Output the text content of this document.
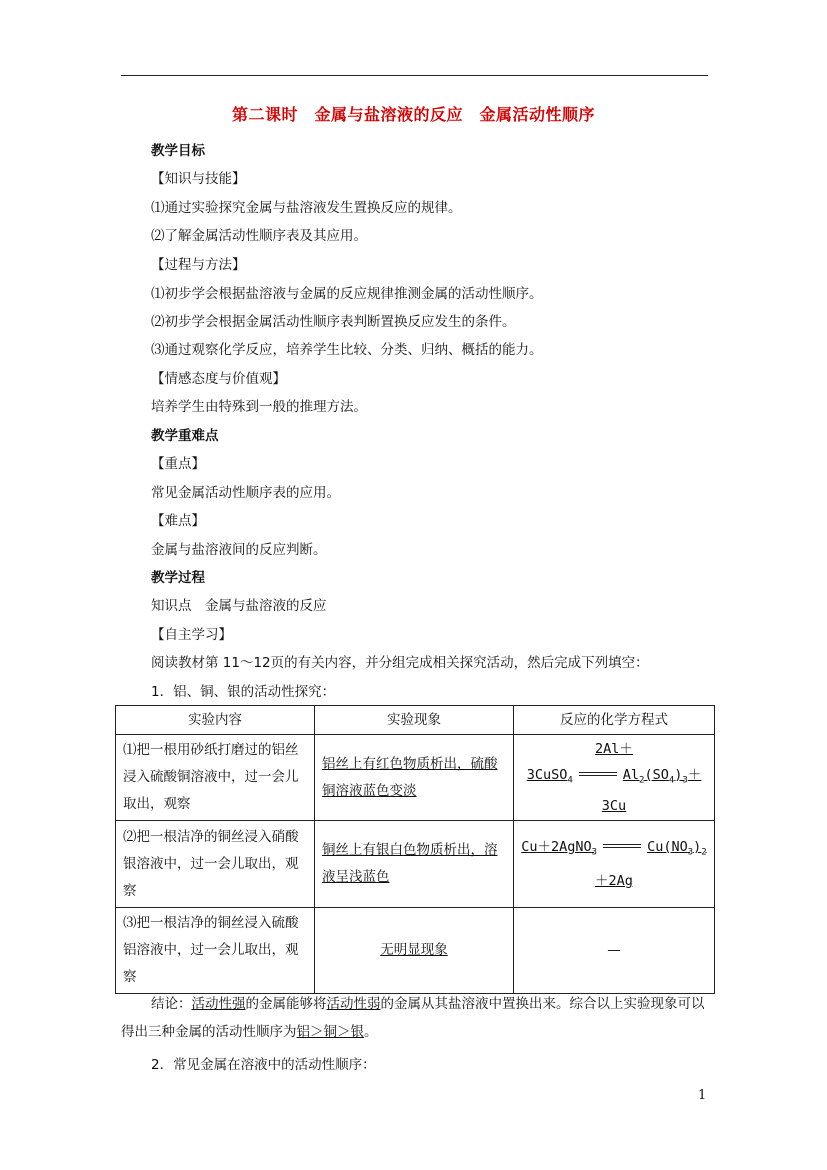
第二课时　金属与盐溶液的反应　金属活动性顺序
教学目标
【知识与技能】
⑴通过实验探究金属与盐溶液发生置换反应的规律。
⑵了解金属活动性顺序表及其应用。
【过程与方法】
⑴初步学会根据盐溶液与金属的反应规律推测金属的活动性顺序。
⑵初步学会根据金属活动性顺序表判断置换反应发生的条件。
⑶通过观察化学反应，培养学生比较、分类、归纳、概括的能力。
【情感态度与价值观】
培养学生由特殊到一般的推理方法。
教学重难点
【重点】
常见金属活动性顺序表的应用。
【难点】
金属与盐溶液间的反应判断。
教学过程
知识点　金属与盐溶液的反应
【自主学习】
阅读教材第 11～12页的有关内容，并分组完成相关探究活动，然后完成下列填空：
1．铝、铜、银的活动性探究：
实验内容	实验现象	反应的化学方程式
⑴把一根用砂纸打磨过的铝丝浸入硫酸铜溶液中，过一会儿取出，观察	铝丝上有红色物质析出，硫酸铜溶液蓝色变淡	2Al＋
3CuSO$_4$ $Al_2(SO_4)_3+$
3Cu

⑵把一根洁净的铜丝浸入硝酸银溶液中，过一会儿取出，观察	铜丝上有银白色物质析出，溶液呈浅蓝色	Cu＋2AgNO$_3$ $Cu(NO_3)_2$
＋2Ag

⑶把一根洁净的铜丝浸入硫酸铝溶液中，过一会儿取出，观察	无明显现象	—
结论：活动性强的金属能够将活动性弱的金属从其盐溶液中置换出来。综合以上实验现象可以得出三种金属的活动性顺序为铝＞铜＞银。
2．常见金属在溶液中的活动性顺序：
1
